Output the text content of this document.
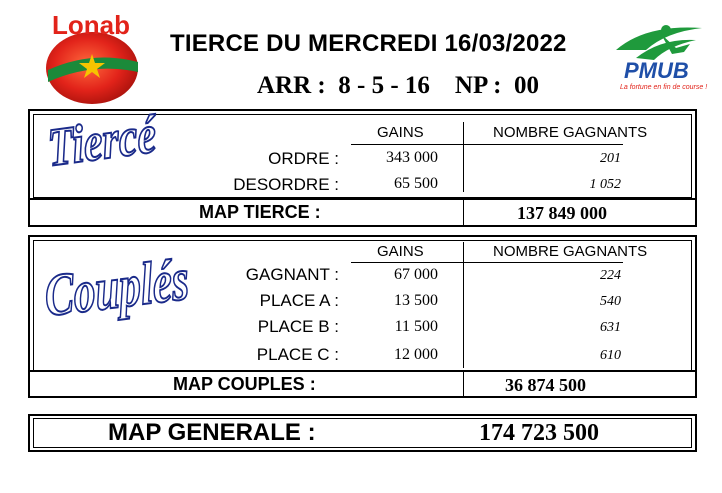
Lonab
PMUB
La fortune en fin de course !
TIERCE DU MERCREDI 16/03/2022
ARR : 8 - 5 - 16 NP : 00
Tiercé	GAINS	NOMBRE GAGNANTS
ORDRE :	343 000	201
DESORDRE :	65 500	1 052
MAP TIERCE :	137 849 000
Couplés	GAINS	NOMBRE GAGNANTS
GAGNANT :	67 000	224
PLACE A :	13 500	540
PLACE B :	11 500	631
PLACE C :	12 000	610
MAP COUPLES :	36 874 500
MAP GENERALE :	174 723 500
